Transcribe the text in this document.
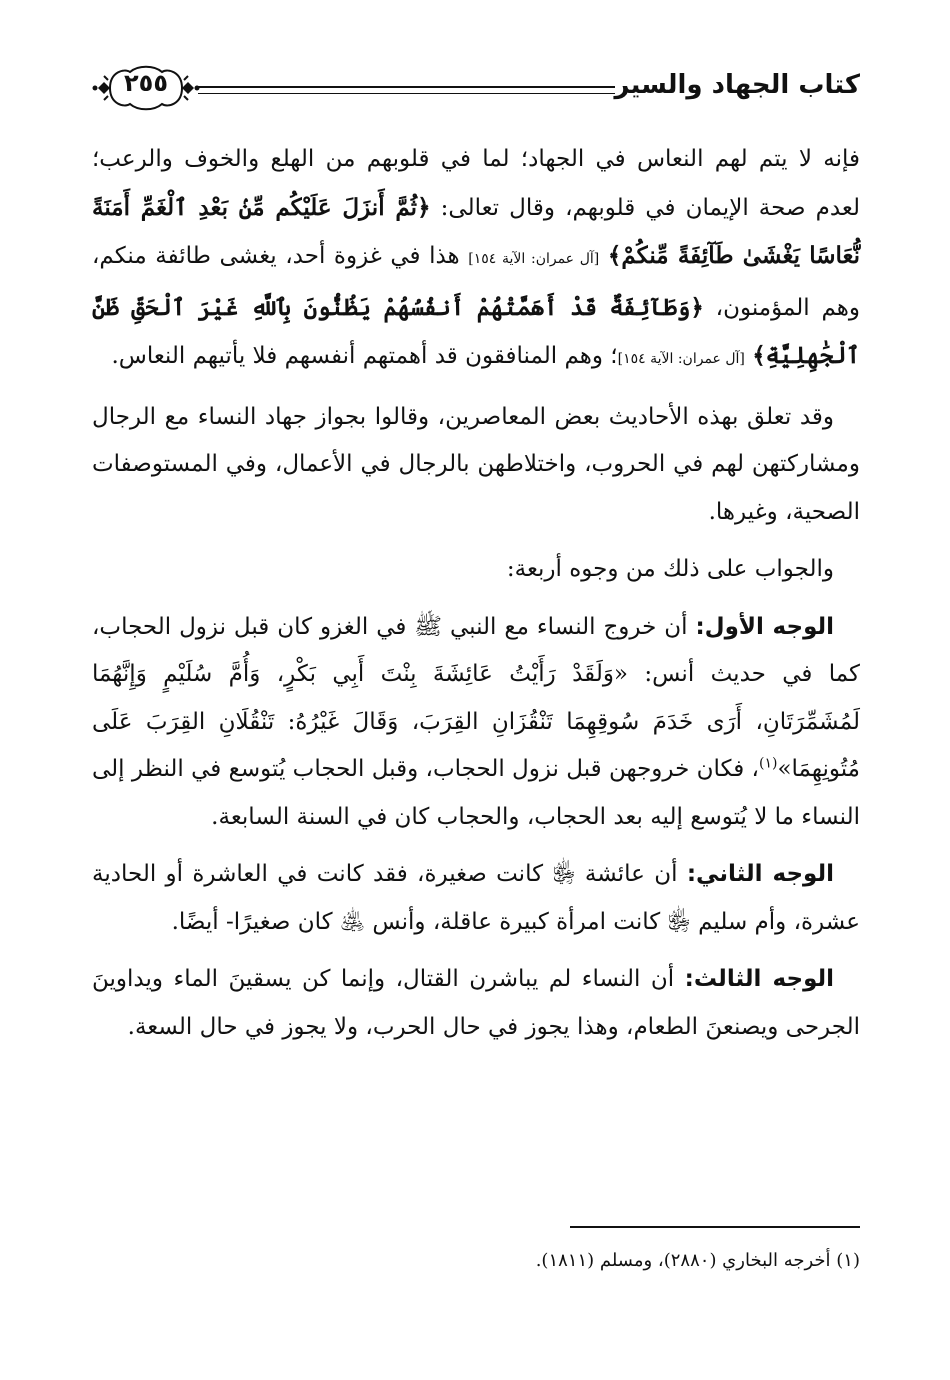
كتاب الجهاد والسير
٢٥٥

فإنه لا يتم لهم النعاس في الجهاد؛ لما في قلوبهم من الهلع والخوف والرعب؛ لعدم صحة الإيمان في قلوبهم، وقال تعالى: ﴿ثُمَّ أَنزَلَ عَلَيْكُم مِّنۢ بَعْدِ ٱلْغَمِّ أَمَنَةً نُّعَاسًا يَغْشَىٰ طَآئِفَةً مِّنكُمْ﴾ [آل عمران: الآية ١٥٤] هذا في غزوة أحد، يغشى طائفة منكم، وهم المؤمنون، ﴿وَطَآئِفَةٌ قَدْ أَهَمَّتْهُمْ أَنفُسُهُمْ يَظُنُّونَ بِٱللَّهِ غَيْرَ ٱلْحَقِّ ظَنَّ ٱلْجَٰهِلِيَّةِ﴾ [آل عمران: الآية ١٥٤]؛ وهم المنافقون قد أهمتهم أنفسهم فلا يأتيهم النعاس.

وقد تعلق بهذه الأحاديث بعض المعاصرين، وقالوا بجواز جهاد النساء مع الرجال ومشاركتهن لهم في الحروب، واختلاطهن بالرجال في الأعمال، وفي المستوصفات الصحية، وغيرها.

والجواب على ذلك من وجوه أربعة:

الوجه الأول: أن خروج النساء مع النبي ﷺ في الغزو كان قبل نزول الحجاب، كما في حديث أنس: «وَلَقَدْ رَأَيْتُ عَائِشَةَ بِنْتَ أَبِي بَكْرٍ، وَأُمَّ سُلَيْمٍ وَإِنَّهُمَا لَمُشَمِّرَتَانِ، أَرَى خَدَمَ سُوقِهِمَا تَنْقُزَانِ القِرَبَ، وَقَالَ غَيْرُهُ: تَنْقُلَانِ القِرَبَ عَلَى مُتُونِهِمَا»$^{(١)}$، فكان خروجهن قبل نزول الحجاب، وقبل الحجاب يُتوسع في النظر إلى النساء ما لا يُتوسع إليه بعد الحجاب، والحجاب كان في السنة السابعة.

الوجه الثاني: أن عائشة ﵂ كانت صغيرة، فقد كانت في العاشرة أو الحادية عشرة، وأم سليم ﵂ كانت امرأة كبيرة عاقلة، وأنس ﵁ كان صغيرًا- أيضًا.

الوجه الثالث: أن النساء لم يباشرن القتال، وإنما كن يسقينَ الماء ويداوينَ الجرحى ويصنعنَ الطعام، وهذا يجوز في حال الحرب، ولا يجوز في حال السعة.

(١) أخرجه البخاري (٢٨٨٠)، ومسلم (١٨١١).
